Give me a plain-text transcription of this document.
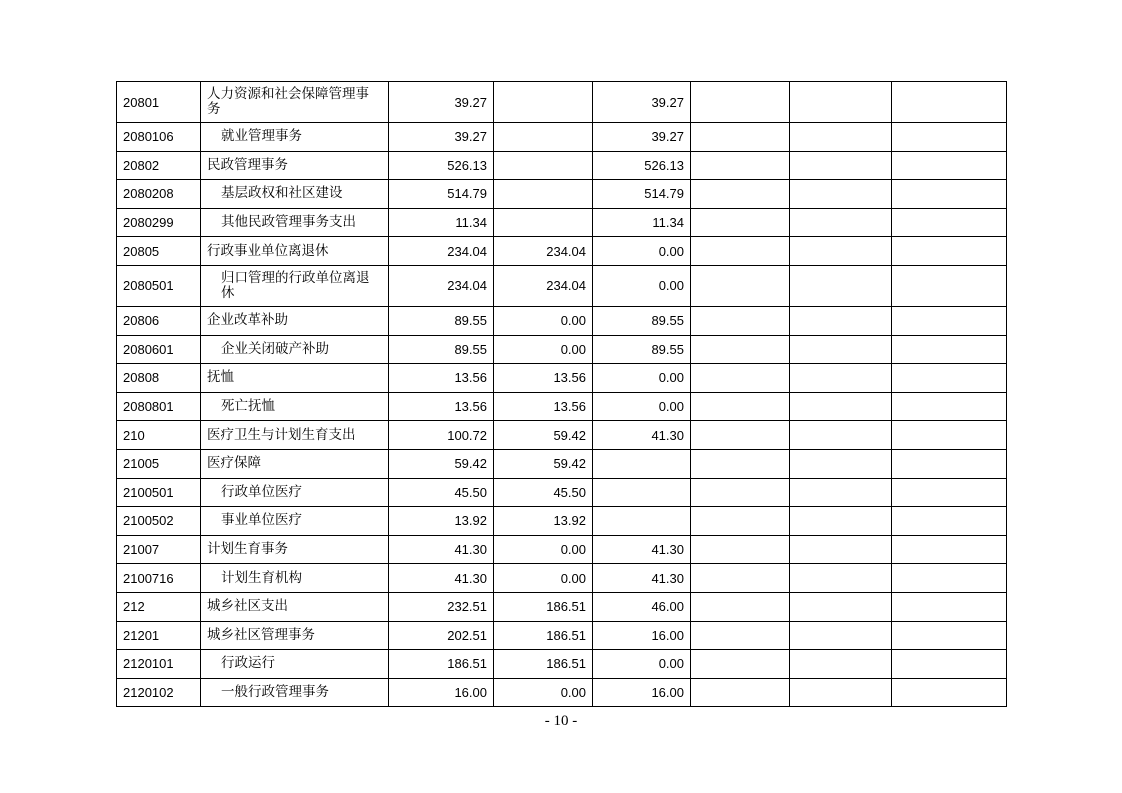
20801	人力资源和社会保障管理事务	39.27		39.27			
2080106	就业管理事务	39.27		39.27			
20802	民政管理事务	526.13		526.13			
2080208	基层政权和社区建设	514.79		514.79			
2080299	其他民政管理事务支出	11.34		11.34			
20805	行政事业单位离退休	234.04	234.04	0.00			
2080501	归口管理的行政单位离退休	234.04	234.04	0.00			
20806	企业改革补助	89.55	0.00	89.55			
2080601	企业关闭破产补助	89.55	0.00	89.55			
20808	抚恤	13.56	13.56	0.00			
2080801	死亡抚恤	13.56	13.56	0.00			
210	医疗卫生与计划生育支出	100.72	59.42	41.30			
21005	医疗保障	59.42	59.42				
2100501	行政单位医疗	45.50	45.50				
2100502	事业单位医疗	13.92	13.92				
21007	计划生育事务	41.30	0.00	41.30			
2100716	计划生育机构	41.30	0.00	41.30			
212	城乡社区支出	232.51	186.51	46.00			
21201	城乡社区管理事务	202.51	186.51	16.00			
2120101	行政运行	186.51	186.51	0.00			
2120102	一般行政管理事务	16.00	0.00	16.00			
- 10 -
